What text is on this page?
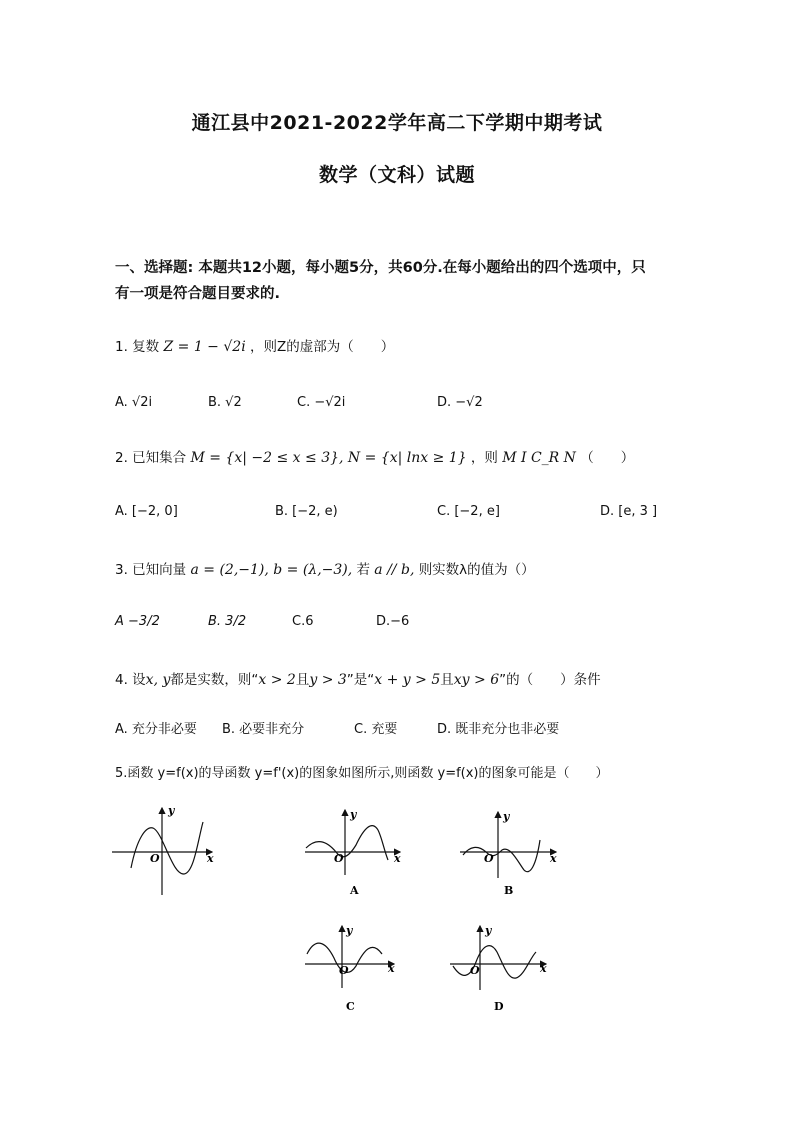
通江县中2021-2022学年高二下学期中期考试
数学（文科）试题
一、选择题: 本题共12小题，每小题5分，共60分.在每小题给出的四个选项中，只
有一项是符合题目要求的.
1. 复数 Z = 1 − √2i ，则Z的虚部为（　　）
A. √2i	B. √2	C. −√2i	D. −√2
2. 已知集合 M = {x| −2 ≤ x ≤ 3}, N = {x| lnx ≥ 1} ，则 M I C_R N （　　）
A. [−2, 0]	B. [−2, e)	C. [−2, e]	D. [e, 3 ]
3. 已知向量 a = (2,−1), b = (λ,−3), 若 a // b, 则实数λ的值为（）
A −3/2	B. 3/2	C.6	D.−6
4. 设x, y都是实数，则“x > 2且y > 3”是“x + y > 5且xy > 6”的（　　）条件
A. 充分非必要 B. 必要非充分	C. 充要	D. 既非充分也非必要
5.函数 y=f(x)的导函数 y=f'(x)的图象如图所示,则函数 y=f(x)的图象可能是（　　）
x
y
O	x
y
O
A
x
y
O
B
x
y
O
C
x
y
O
D
